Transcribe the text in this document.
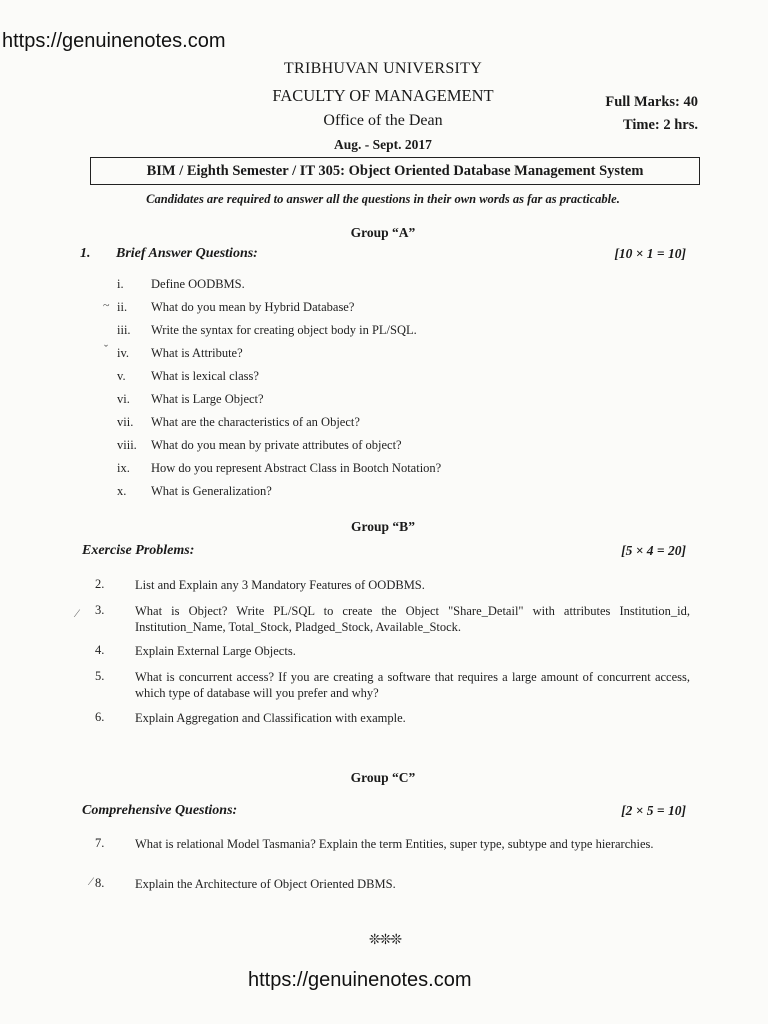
https://genuinenotes.com
TRIBHUVAN UNIVERSITY
FACULTY OF MANAGEMENT
Office of the Dean
Aug. - Sept. 2017
Full Marks: 40
Time: 2 hrs.
BIM / Eighth Semester / IT 305: Object Oriented Database Management System
Candidates are required to answer all the questions in their own words as far as practicable.
Group “A”
1. Brief Answer Questions:	[10 × 1 = 10]
i. Define OODBMS.
ii. What do you mean by Hybrid Database?
iii. Write the syntax for creating object body in PL/SQL.
iv. What is Attribute?
v. What is lexical class?
vi. What is Large Object?
vii. What are the characteristics of an Object?
viii. What do you mean by private attributes of object?
ix. How do you represent Abstract Class in Bootch Notation?
x. What is Generalization?
Group “B”
Exercise Problems:	[5 × 4 = 20]
2. List and Explain any 3 Mandatory Features of OODBMS.
3. What is Object? Write PL/SQL to create the Object "Share_Detail" with attributes Institution_id, Institution_Name, Total_Stock, Pladged_Stock, Available_Stock.
4. Explain External Large Objects.
5. What is concurrent access? If you are creating a software that requires a large amount of concurrent access, which type of database will you prefer and why?
6. Explain Aggregation and Classification with example.
Group “C”
Comprehensive Questions:	[2 × 5 = 10]
7. What is relational Model Tasmania? Explain the term Entities, super type, subtype and type hierarchies.
8. Explain the Architecture of Object Oriented DBMS.
~
ˇ
⁄
⁄
❊❊❊
https://genuinenotes.com
